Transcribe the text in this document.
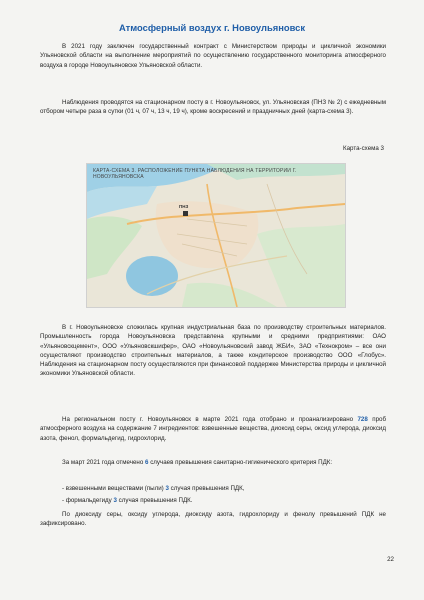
Атмосферный воздух г. Новоульяновск

В 2021 году заключен государственный контракт с Министерством природы и цикличной экономики Ульяновской области на выполнение мероприятий по осуществлению государственного мониторинга атмосферного воздуха в городе Новоульяновске Ульяновской области.

Наблюдения проводятся на стационарном посту в г. Новоульяновск, ул. Ульяновская (ПНЗ № 2) с ежедневным отбором четыре раза в сутки (01 ч, 07 ч, 13 ч, 19 ч), кроме воскресений и праздничных дней (карта-схема 3).

Карта-схема 3
КАРТА-СХЕМА 3. РАСПОЛОЖЕНИЕ ПУНКТА НАБЛЮДЕНИЯ НА ТЕРРИТОРИИ Г. НОВОУЛЬЯНОВСКА
ПНЗ

В г. Новоульяновске сложилась крупная индустриальная база по производству строительных материалов. Промышленность города Новоульяновска представлена крупными и средними предприятиями: ОАО «Ульяновскцемент», ООО «Ульяновскшифер», ОАО «Новоульяновский завод ЖБИ», ЗАО «Технокром» – все они осуществляют производство строительных материалов, а также кондитерское производство ООО «Глобус». Наблюдения на стационарном посту осуществляются при финансовой поддержке Министерства природы и цикличной экономики Ульяновской области.

На региональном посту г. Новоульяновск в марте 2021 года отобрано и проанализировано 728 проб атмосферного воздуха на содержание 7 ингредиентов: взвешенные вещества, диоксид серы, оксид углерода, диоксид азота, фенол, формальдегид, гидрохлорид.

За март 2021 года отмечено 6 случаев превышения санитарно-гигиенического критерия ПДК:

- взвешенными веществами (пыли) 3 случая превышения ПДК,

- формальдегиду 3 случая превышения ПДК.

По диоксиду серы, оксиду углерода, диоксиду азота, гидрохлориду и фенолу превышений ПДК не зафиксировано.

22
